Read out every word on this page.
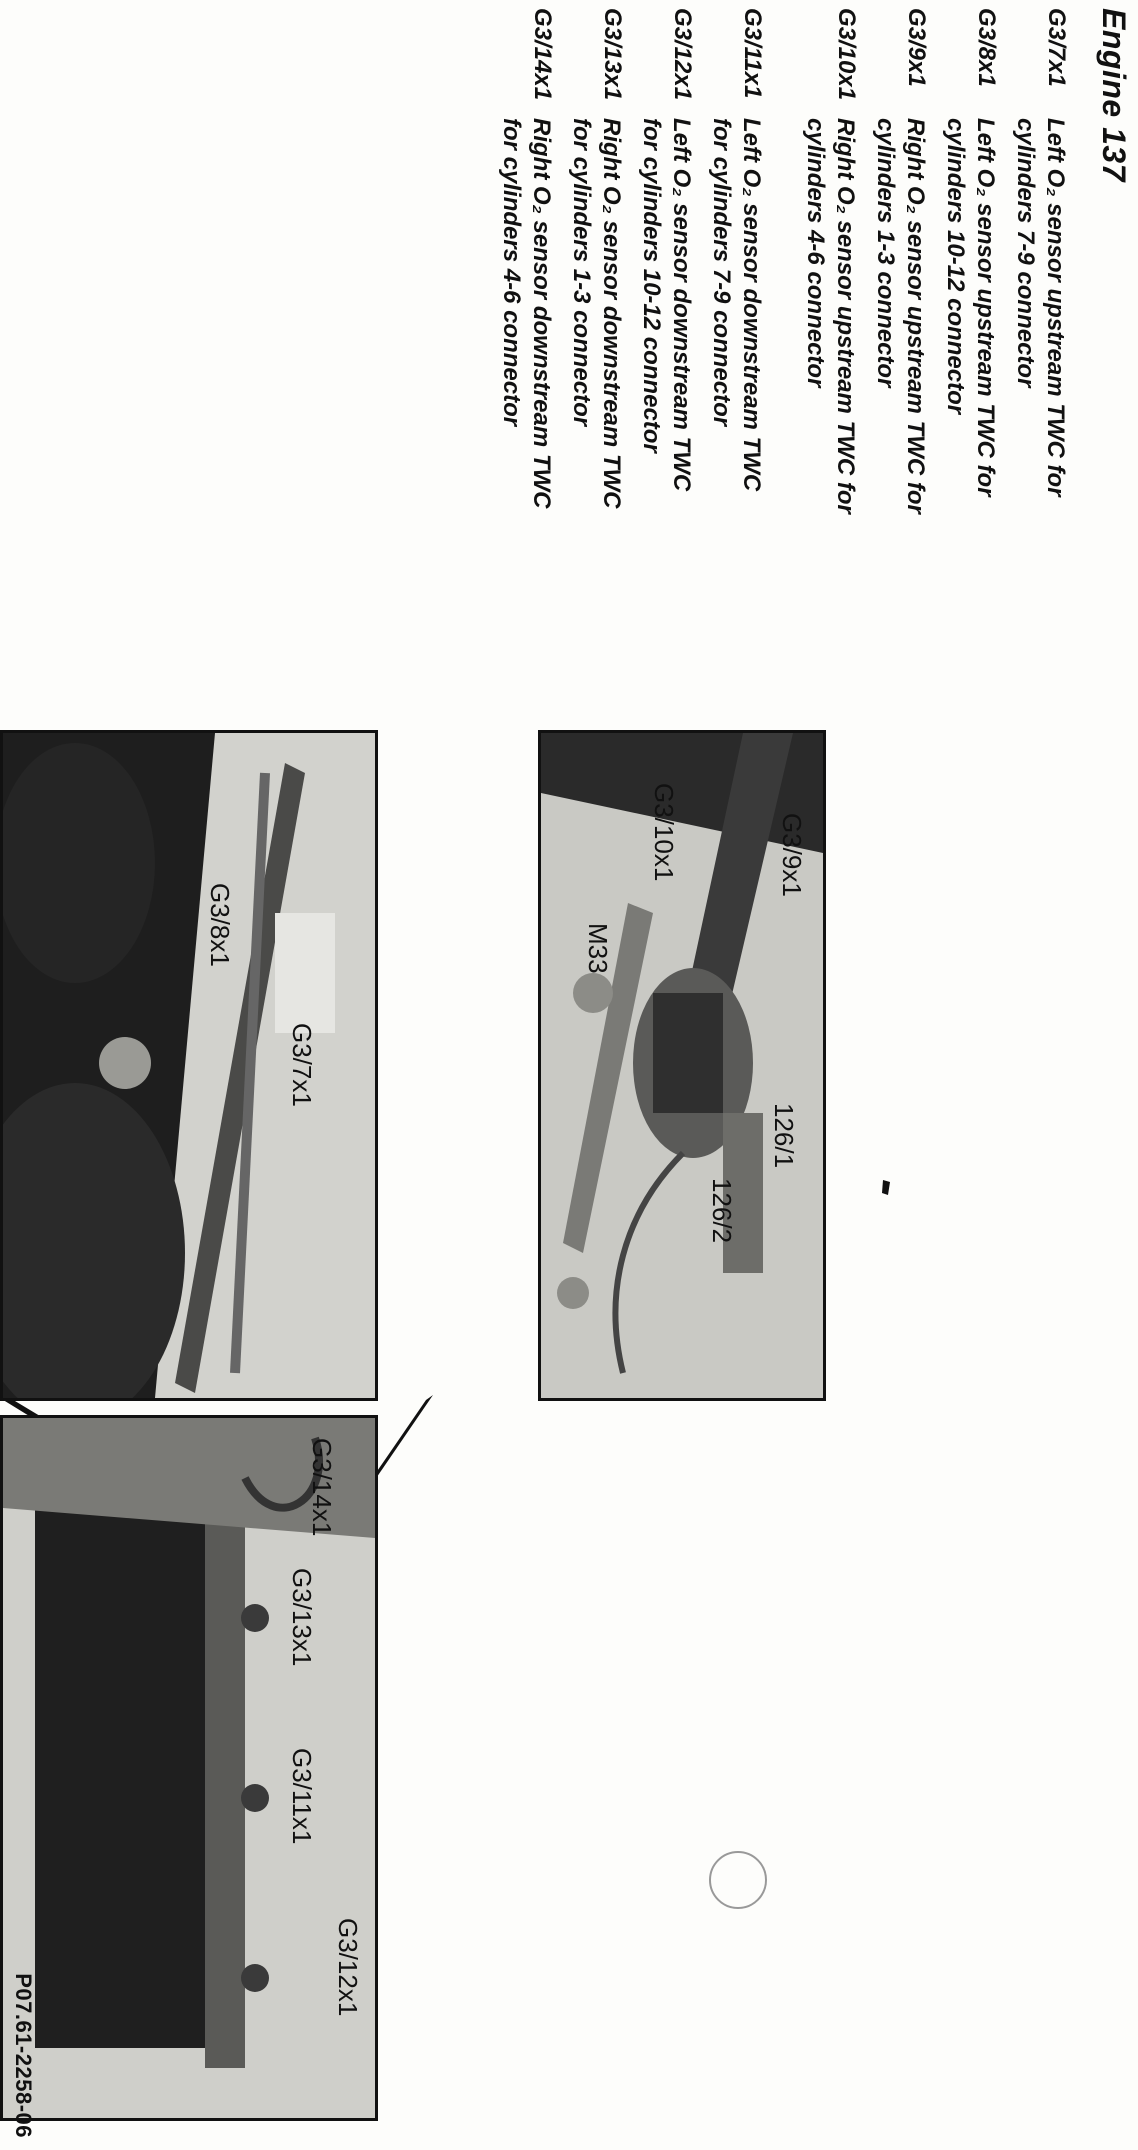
Engine 137
G3/7x1
Left O₂ sensor upstream TWC for
cylinders 7-9 connector
G3/8x1
Left O₂ sensor upstream TWC for
cylinders 10-12 connector
G3/9x1
Right O₂ sensor upstream TWC for
cylinders 1-3 connector
G3/10x1
Right O₂ sensor upstream TWC for
cylinders 4-6 connector
G3/11x1
Left O₂ sensor downstream TWC
for cylinders 7-9 connector
G3/12x1
Left O₂ sensor downstream TWC
for cylinders 10-12 connector
G3/13x1
Right O₂ sensor downstream TWC
for cylinders 1-3 connector
G3/14x1
Right O₂ sensor downstream TWC
for cylinders 4-6 connector
G3/9x1
G3/10x1
M33
126/1
126/2
G3/8x1
G3/7x1
G3/14x1
G3/13x1
G3/11x1
G3/12x1
P07.61-2258-06
